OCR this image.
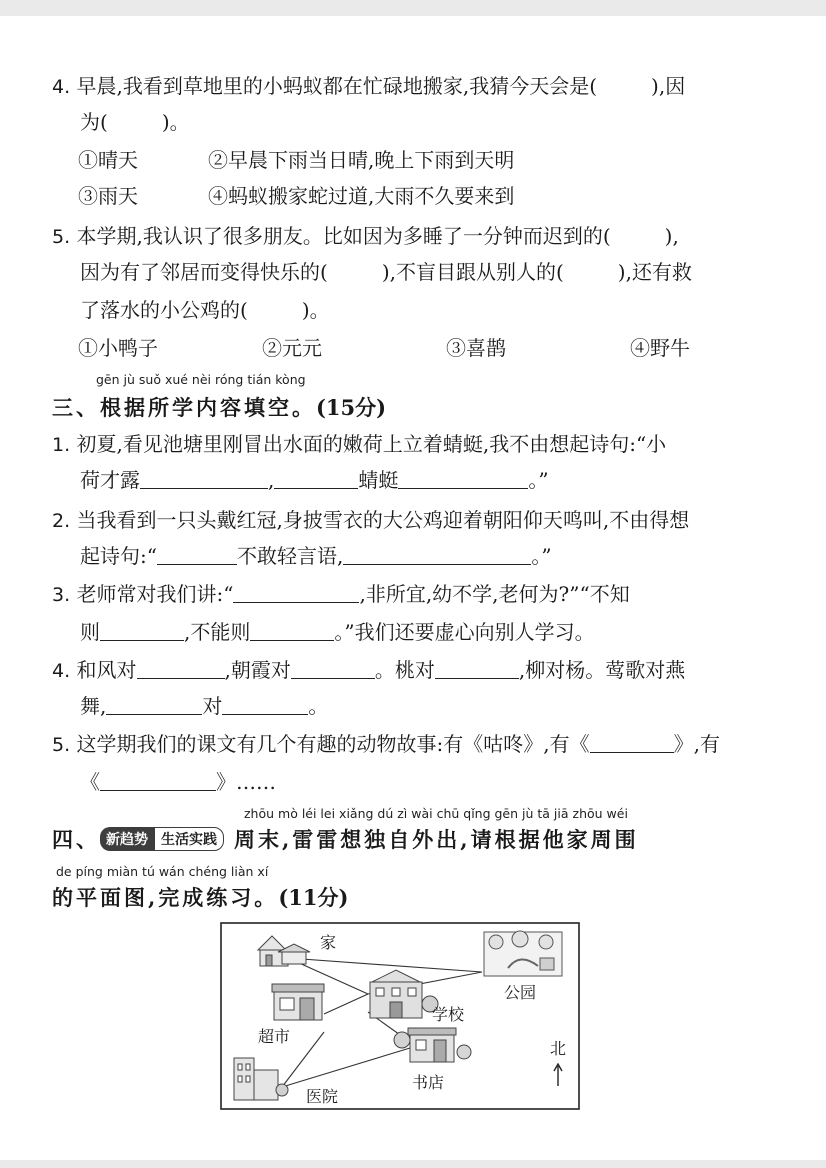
4. 早晨,我看到草地里的小蚂蚁都在忙碌地搬家,我猜今天会是(	),因
为(	)。
①晴天	②早晨下雨当日晴,晚上下雨到天明
③雨天	④蚂蚁搬家蛇过道,大雨不久要来到
5. 本学期,我认识了很多朋友。比如因为多睡了一分钟而迟到的(	),
因为有了邻居而变得快乐的(	),不盲目跟从别人的(	),还有救
了落水的小公鸡的(	)。
①小鸭子	②元元	③喜鹊	④野牛
gēn jù suǒ xué nèi róng tián kòng
三、根据所学内容填空。(15分)
1. 初夏,看见池塘里刚冒出水面的嫩荷上立着蜻蜓,我不由想起诗句:“小
荷才露	,	蜻蜓	。”
2. 当我看到一只头戴红冠,身披雪衣的大公鸡迎着朝阳仰天鸣叫,不由得想
起诗句:“	不敢轻言语,	。”
3. 老师常对我们讲:“	,非所宜,幼不学,老何为?”“不知
则	,不能则	。”我们还要虚心向别人学习。
4. 和风对	,朝霞对	。桃对	,柳对杨。莺歌对燕
舞,	对	。
5. 这学期我们的课文有几个有趣的动物故事:有《咕咚》,有《	》,有
《	》……
zhōu mò léi lei xiǎng dú zì wài chū qǐng gēn jù tā jiā zhōu wéi
四、 新趋势 生活实践 周末,雷雷想独自外出,请根据他家周围
de píng miàn tú wán chéng liàn xí
的平面图,完成练习。(11分)
家
公园
学校
超市
书店
医院
北
